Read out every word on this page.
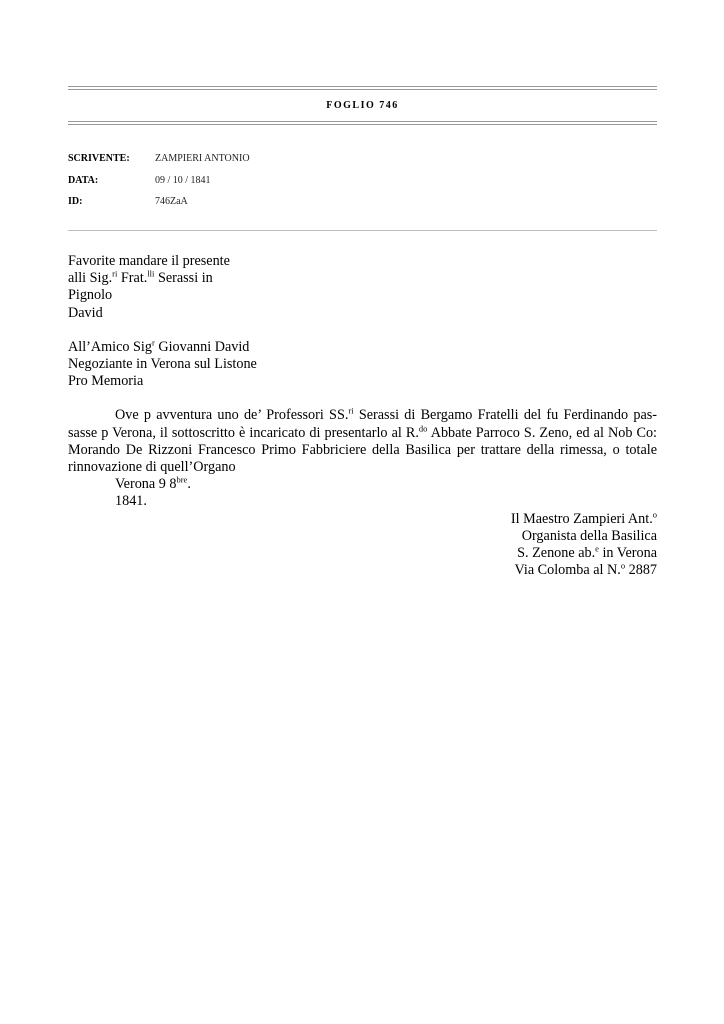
FOGLIO 746
SCRIVENTE:	ZAMPIERI ANTONIO
DATA:	09 / 10 / 1841
ID:	746ZaA

Favorite mandare il presente

alli Sig.$^{ri}$ Frat.$^{lli}$ Serassi in

Pignolo

David

All’Amico Sig$^r$ Giovanni David

Negoziante in Verona sul Listone

Pro Memoria

Ove p avventura uno de’ Professori SS.$^{ri}$ Serassi di Bergamo Fratelli del fu Ferdinando pas-sasse p Verona, il sottoscritto è incaricato di presentarlo al R.$^{do}$ Abbate Parroco S. Zeno, ed al Nob Co: Morando De Rizzoni Francesco Primo Fabbriciere della Basilica per trattare della rimessa, o totale rinnovazione di quell’Organo

Verona 9 $8^{bre}$.

1841.

Il Maestro Zampieri Ant.$^o$

Organista della Basilica

S. Zenone ab.$^e$ in Verona

Via Colomba al N.$^o$ 2887
